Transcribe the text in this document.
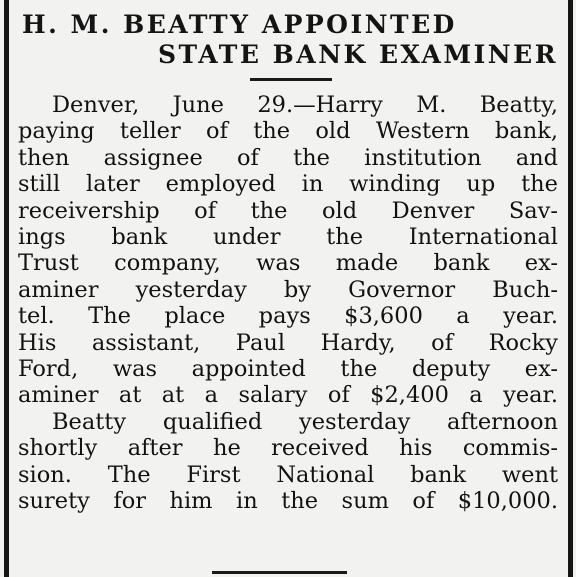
H. M. BEATTY APPOINTED
STATE BANK EXAMINER
Denver, June 29.—Harry M. Beatty,
paying teller of the old Western bank,
then assignee of the institution and
still later employed in winding up the
receivership of the old Denver Sav-
ings bank under the International
Trust company, was made bank ex-
aminer yesterday by Governor Buch-
tel. The place pays $3,600 a year.
His assistant, Paul Hardy, of Rocky
Ford, was appointed the deputy ex-
aminer at at a salary of $2,400 a year.
Beatty qualified yesterday afternoon
shortly after he received his commis-
sion. The First National bank went
surety for him in the sum of $10,000.
